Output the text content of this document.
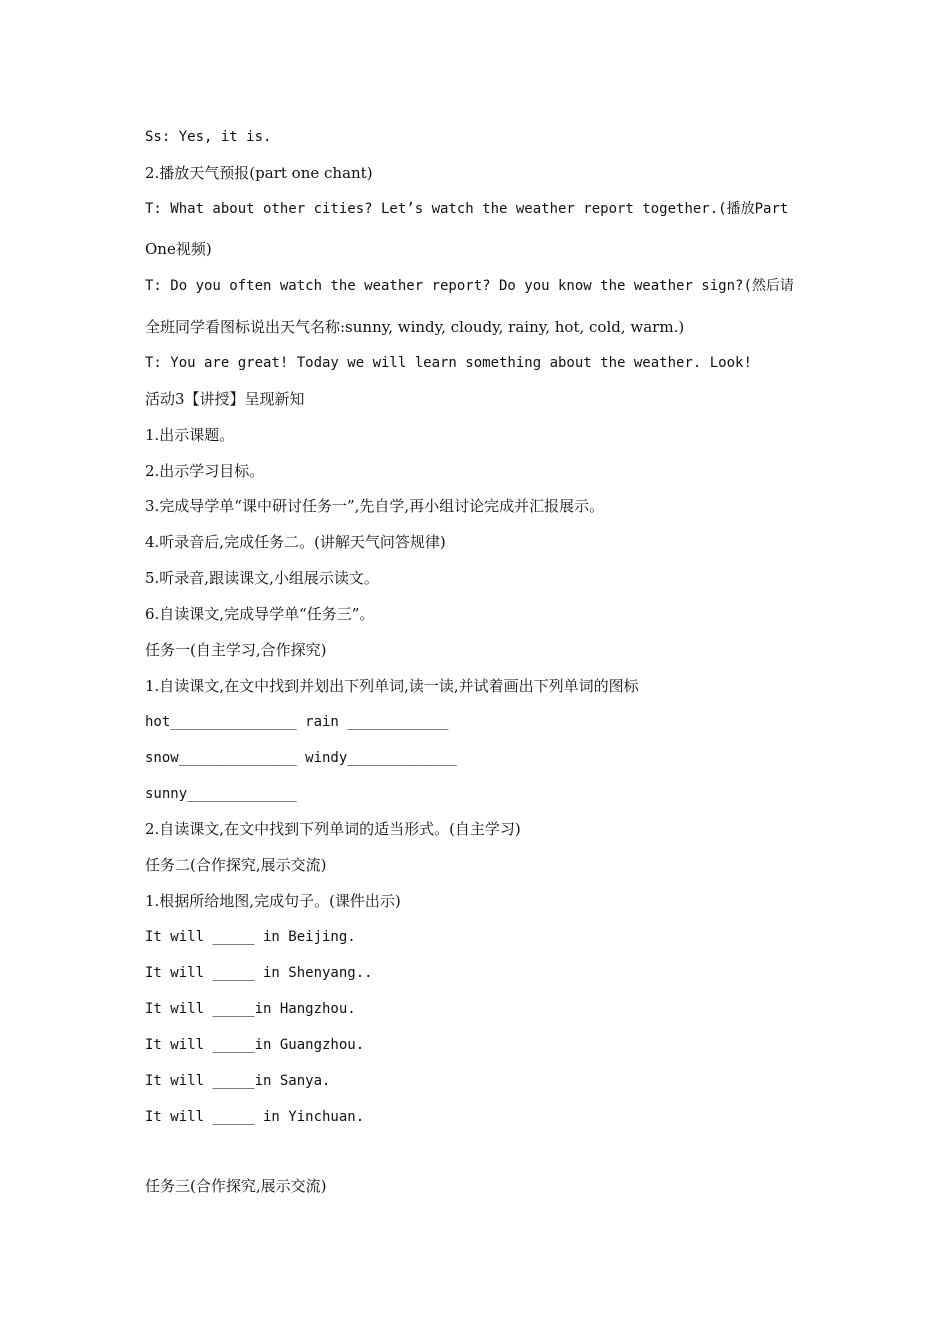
Ss: Yes, it is.
2.播放天气预报(part one chant)
T: What about other cities? Let’s watch the weather report together.(播放Part
One视频)
T: Do you often watch the weather report? Do you know the weather sign?(然后请
全班同学看图标说出天气名称:sunny, windy, cloudy, rainy, hot, cold, warm.)
T: You are great! Today we will learn something about the weather. Look!
活动3【讲授】呈现新知
1.出示课题。
2.出示学习目标。
3.完成导学单“课中研讨任务一”,先自学,再小组讨论完成并汇报展示。
4.听录音后,完成任务二。(讲解天气问答规律)
5.听录音,跟读课文,小组展示读文。
6.自读课文,完成导学单“任务三”。
任务一(自主学习,合作探究)
1.自读课文,在文中找到并划出下列单词,读一读,并试着画出下列单词的图标
hot_______________ rain ____________
snow______________ windy_____________
sunny_____________
2.自读课文,在文中找到下列单词的适当形式。(自主学习)
任务二(合作探究,展示交流)
1.根据所给地图,完成句子。(课件出示)
It will _____ in Beijing.
It will _____ in Shenyang..
It will _____in Hangzhou.
It will _____in Guangzhou.
It will _____in Sanya.
It will _____ in Yinchuan.
任务三(合作探究,展示交流)
